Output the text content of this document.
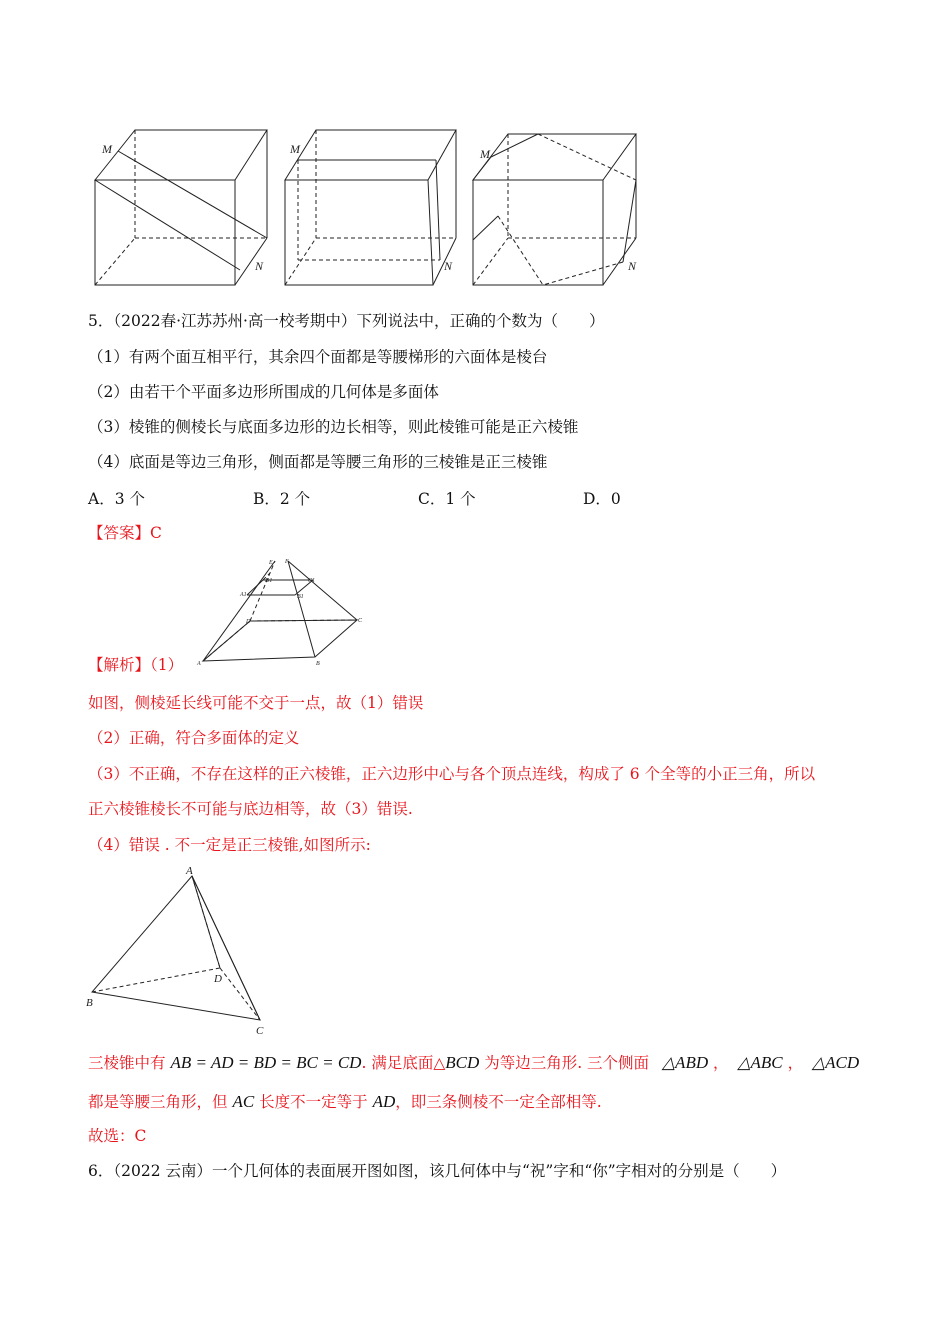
M
N
M
N
M
N
5．（2022春·江苏苏州·高一校考期中）下列说法中，正确的个数为（　　）
（1）有两个面互相平行，其余四个面都是等腰梯形的六面体是棱台
（2）由若干个平面多边形所围成的几何体是多面体
（3）棱锥的侧棱长与底面多边形的边长相等，则此棱锥可能是正六棱锥
（4）底面是等边三角形，侧面都是等腰三角形的三棱锥是正三棱锥
A．3 个	B．2 个	C．1 个	D．0
【答案】C
E F
D1	C1
A1	B1
D	C
A	B
【解析】（1）
如图，侧棱延长线可能不交于一点，故（1）错误
（2）正确，符合多面体的定义
（3）不正确，不存在这样的正六棱锥，正六边形中心与各个顶点连线，构成了 6 个全等的小正三角，所以
正六棱锥棱长不可能与底边相等，故（3）错误.
（4）错误 . 不一定是正三棱锥,如图所示:
A
B
C
D
三棱锥中有 AB = AD = BD = BC = CD. 满足底面△BCD 为等边三角形. 三个侧面 △ABD ， △ABC ， △ACD
都是等腰三角形，但 AC 长度不一定等于 AD，即三条侧棱不一定全部相等.
故选：C
6．（2022 云南）一个几何体的表面展开图如图，该几何体中与“祝”字和“你”字相对的分别是（　　）
